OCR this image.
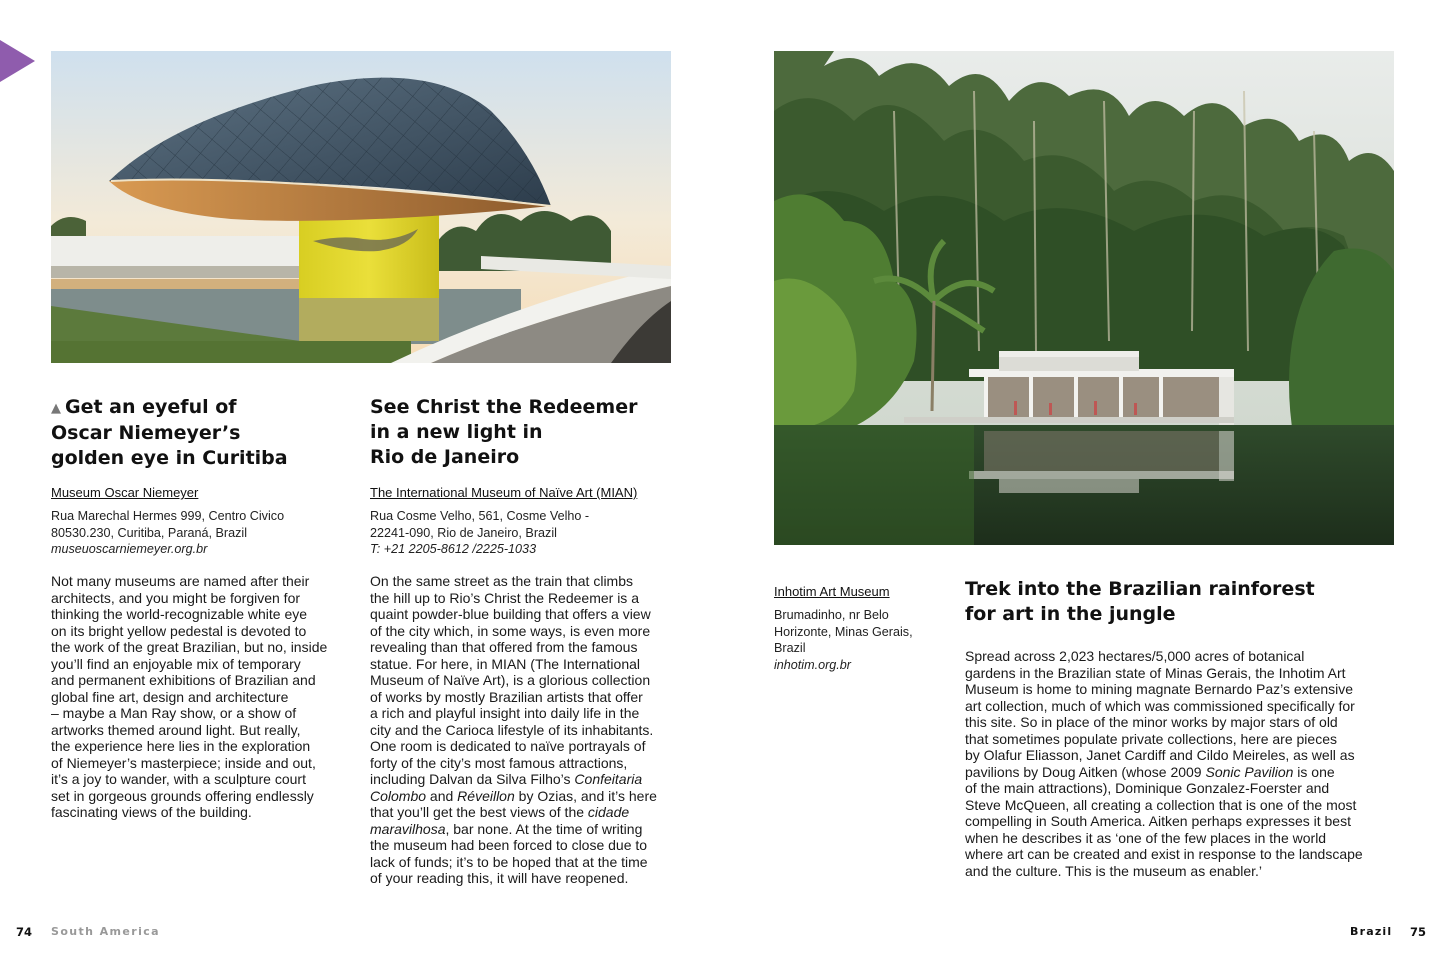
▲ Get an eyeful of
Oscar Niemeyer’s
golden eye in Curitiba
Museum Oscar Niemeyer
Rua Marechal Hermes 999, Centro Civico
80530.230, Curitiba, Paraná, Brazil
museuoscarniemeyer.org.br
Not many museums are named after their
architects, and you might be forgiven for
thinking the world-recognizable white eye
on its bright yellow pedestal is devoted to
the work of the great Brazilian, but no, inside
you’ll find an enjoyable mix of temporary
and permanent exhibitions of Brazilian and
global fine art, design and architecture
– maybe a Man Ray show, or a show of
artworks themed around light. But really,
the experience here lies in the exploration
of Niemeyer’s masterpiece; inside and out,
it’s a joy to wander, with a sculpture court
set in gorgeous grounds offering endlessly
fascinating views of the building.
See Christ the Redeemer
in a new light in
Rio de Janeiro
The International Museum of Naïve Art (MIAN)
Rua Cosme Velho, 561, Cosme Velho -
22241-090, Rio de Janeiro, Brazil
T: +21 2205-8612 /2225-1033
On the same street as the train that climbs
the hill up to Rio’s Christ the Redeemer is a
quaint powder-blue building that offers a view
of the city which, in some ways, is even more
revealing than that offered from the famous
statue. For here, in MIAN (The International
Museum of Naïve Art), is a glorious collection
of works by mostly Brazilian artists that offer
a rich and playful insight into daily life in the
city and the Carioca lifestyle of its inhabitants.
One room is dedicated to naïve portrayals of
forty of the city’s most famous attractions,
including Dalvan da Silva Filho’s Confeitaria
Colombo and Réveillon by Ozias, and it’s here
that you’ll get the best views of the cidade
maravilhosa, bar none. At the time of writing
the museum had been forced to close due to
lack of funds; it’s to be hoped that at the time
of your reading this, it will have reopened.
74 South America
Inhotim Art Museum
Brumadinho, nr Belo
Horizonte, Minas Gerais,
Brazil
inhotim.org.br
Trek into the Brazilian rainforest
for art in the jungle
Spread across 2,023 hectares/5,000 acres of botanical
gardens in the Brazilian state of Minas Gerais, the Inhotim Art
Museum is home to mining magnate Bernardo Paz’s extensive
art collection, much of which was commissioned specifically for
this site. So in place of the minor works by major stars of old
that sometimes populate private collections, here are pieces
by Olafur Eliasson, Janet Cardiff and Cildo Meireles, as well as
pavilions by Doug Aitken (whose 2009 Sonic Pavilion is one
of the main attractions), Dominique Gonzalez-Foerster and
Steve McQueen, all creating a collection that is one of the most
compelling in South America. Aitken perhaps expresses it best
when he describes it as ‘one of the few places in the world
where art can be created and exist in response to the landscape
and the culture. This is the museum as enabler.’
Brazil 75
